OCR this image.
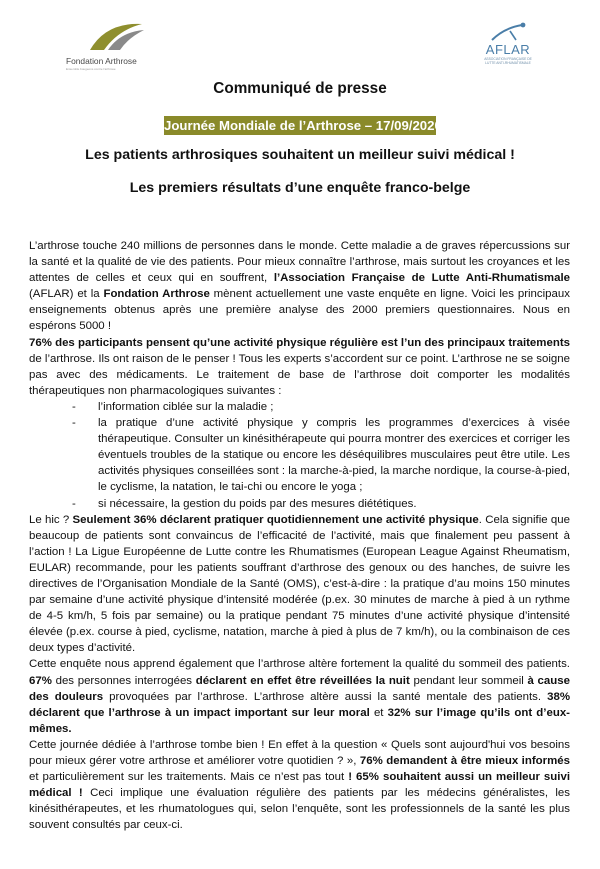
Fondation Arthrose
Ensemble bougeons contre l'arthrose
AFLAR
ASSOCIATION FRANÇAISE DE LUTTE ANTI-RHUMATISMALE
Communiqué de presse
Journée Mondiale de l’Arthrose – 17/09/2020
Les patients arthrosiques souhaitent un meilleur suivi médical !
Les premiers résultats d’une enquête franco-belge

L’arthrose touche 240 millions de personnes dans le monde. Cette maladie a de graves répercussions sur la santé et la qualité de vie des patients. Pour mieux connaître l’arthrose, mais surtout les croyances et les attentes de celles et ceux qui en souffrent, l’Association Française de Lutte Anti-Rhumatismale (AFLAR) et la Fondation Arthrose mènent actuellement une vaste enquête en ligne. Voici les principaux enseignements obtenus après une première analyse des 2000 premiers questionnaires. Nous en espérons 5000 !

76% des participants pensent qu’une activité physique régulière est l’un des principaux traitements de l’arthrose. Ils ont raison de le penser ! Tous les experts s’accordent sur ce point. L’arthrose ne se soigne pas avec des médicaments. Le traitement de base de l’arthrose doit comporter les modalités thérapeutiques non pharmacologiques suivantes :

- l’information ciblée sur la maladie ;
- la pratique d’une activité physique y compris les programmes d’exercices à visée thérapeutique. Consulter un kinésithérapeute qui pourra montrer des exercices et corriger les éventuels troubles de la statique ou encore les déséquilibres musculaires peut être utile. Les activités physiques conseillées sont : la marche-à-pied, la marche nordique, la course-à-pied, le cyclisme, la natation, le tai-chi ou encore le yoga ;
- si nécessaire, la gestion du poids par des mesures diététiques.

Le hic ? Seulement 36% déclarent pratiquer quotidiennement une activité physique. Cela signifie que beaucoup de patients sont convaincus de l’efficacité de l’activité, mais que finalement peu passent à l’action ! La Ligue Européenne de Lutte contre les Rhumatismes (European League Against Rheumatism, EULAR) recommande, pour les patients souffrant d’arthrose des genoux ou des hanches, de suivre les directives de l’Organisation Mondiale de la Santé (OMS), c’est-à-dire : la pratique d’au moins 150 minutes par semaine d’une activité physique d’intensité modérée (p.ex. 30 minutes de marche à pied à un rythme de 4-5 km/h, 5 fois par semaine) ou la pratique pendant 75 minutes d’une activité physique d’intensité élevée (p.ex. course à pied, cyclisme, natation, marche à pied à plus de 7 km/h), ou la combinaison de ces deux types d’activité.

Cette enquête nous apprend également que l’arthrose altère fortement la qualité du sommeil des patients. 67% des personnes interrogées déclarent en effet être réveillées la nuit pendant leur sommeil à cause des douleurs provoquées par l’arthrose. L’arthrose altère aussi la santé mentale des patients. 38% déclarent que l’arthrose à un impact important sur leur moral et 32% sur l’image qu’ils ont d’eux-mêmes.

Cette journée dédiée à l’arthrose tombe bien ! En effet à la question « Quels sont aujourd'hui vos besoins pour mieux gérer votre arthrose et améliorer votre quotidien ? », 76% demandent à être mieux informés et particulièrement sur les traitements. Mais ce n’est pas tout ! 65% souhaitent aussi un meilleur suivi médical ! Ceci implique une évaluation régulière des patients par les médecins généralistes, les kinésithérapeutes, et les rhumatologues qui, selon l’enquête, sont les professionnels de la santé les plus souvent consultés par ceux-ci.
